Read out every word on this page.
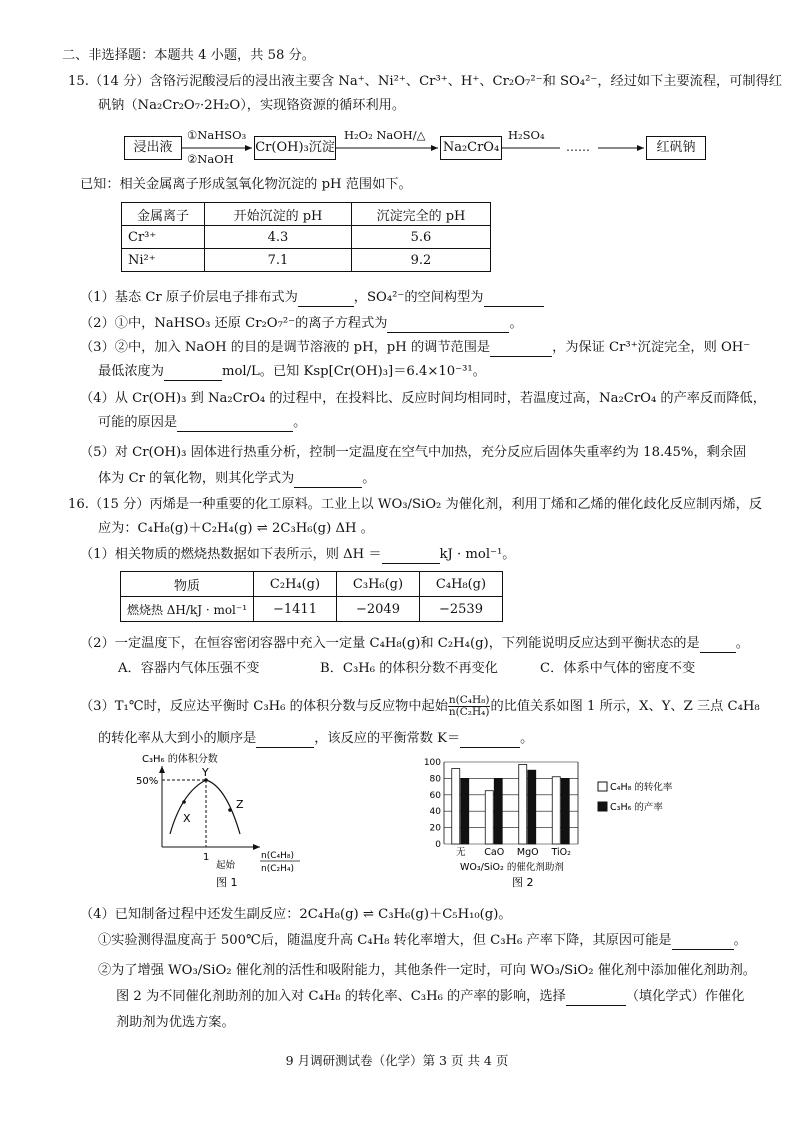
二、非选择题：本题共 4 小题，共 58 分。
15.（14 分）含铬污泥酸浸后的浸出液主要含 Na⁺、Ni²⁺、Cr³⁺、H⁺、Cr₂O₇²⁻和 SO₄²⁻，经过如下主要流程，可制得红
矾钠（Na₂Cr₂O₇·2H₂O），实现铬资源的循环利用。
浸出液
①NaHSO₃
②NaOH
Cr(OH)₃沉淀
H₂O₂ NaOH/△
Na₂CrO₄
H₂SO₄
……	红矾钠
已知：相关金属离子形成氢氧化物沉淀的 pH 范围如下。
金属离子	开始沉淀的 pH	沉淀完全的 pH
Cr³⁺	4.3	5.6
Ni²⁺	7.1	9.2
（1）基态 Cr 原子价层电子排布式为	，SO₄²⁻的空间构型为
（2）①中，NaHSO₃ 还原 Cr₂O₇²⁻的离子方程式为	。
（3）②中，加入 NaOH 的目的是调节溶液的 pH，pH 的调节范围是	，为保证 Cr³⁺沉淀完全，则 OH⁻
最低浓度为	mol/L。已知 Ksp[Cr(OH)₃]＝6.4×10⁻³¹。
（4）从 Cr(OH)₃ 到 Na₂CrO₄ 的过程中，在投料比、反应时间均相同时，若温度过高，Na₂CrO₄ 的产率反而降低，
可能的原因是	。
（5）对 Cr(OH)₃ 固体进行热重分析，控制一定温度在空气中加热，充分反应后固体失重率约为 18.45%，剩余固
体为 Cr 的氧化物，则其化学式为	。
16.（15 分）丙烯是一种重要的化工原料。工业上以 WO₃/SiO₂ 为催化剂，利用丁烯和乙烯的催化歧化反应制丙烯，反
应为：C₄H₈(g)＋C₂H₄(g) ⇌ 2C₃H₆(g) ΔH 。
（1）相关物质的燃烧热数据如下表所示，则 ΔH ＝	kJ · mol⁻¹。
物质	C₂H₄(g)	C₃H₆(g)	C₄H₈(g)
燃烧热 ΔH/kJ · mol⁻¹	−1411	−2049	−2539
（2）一定温度下，在恒容密闭容器中充入一定量 C₄H₈(g)和 C₂H₄(g)，下列能说明反应达到平衡状态的是	。
A．容器内气体压强不变	B．C₃H₆ 的体积分数不再变化	C．体系中气体的密度不变
（3）T₁℃时，反应达平衡时 C₃H₆ 的体积分数与反应物中起始 $\frac{\text{n(C₄H₈)}}{\text{n(C₂H₄)}}$ 的比值关系如图 1 所示，X、Y、Z 三点 C₄H₈
的转化率从大到小的顺序是	，该反应的平衡常数 K＝	。
C₃H₆ 的体积分数
50%
X
Y
Z
1
起始
n(C₄H₈)
n(C₂H₄)
图 1
0
20
40
60
80
100
无 CaO MgO TiO₂
WO₃/SiO₂ 的催化剂助剂
图 2
C₄H₈ 的转化率
C₃H₆ 的产率
（4）已知制备过程中还发生副反应：2C₄H₈(g) ⇌ C₃H₆(g)＋C₅H₁₀(g)。
①实验测得温度高于 500℃后，随温度升高 C₄H₈ 转化率增大，但 C₃H₆ 产率下降，其原因可能是	。
②为了增强 WO₃/SiO₂ 催化剂的活性和吸附能力，其他条件一定时，可向 WO₃/SiO₂ 催化剂中添加催化剂助剂。
图 2 为不同催化剂助剂的加入对 C₄H₈ 的转化率、C₃H₆ 的产率的影响，选择	（填化学式）作催化
剂助剂为优选方案。
9 月调研测试卷（化学）第 3 页 共 4 页
